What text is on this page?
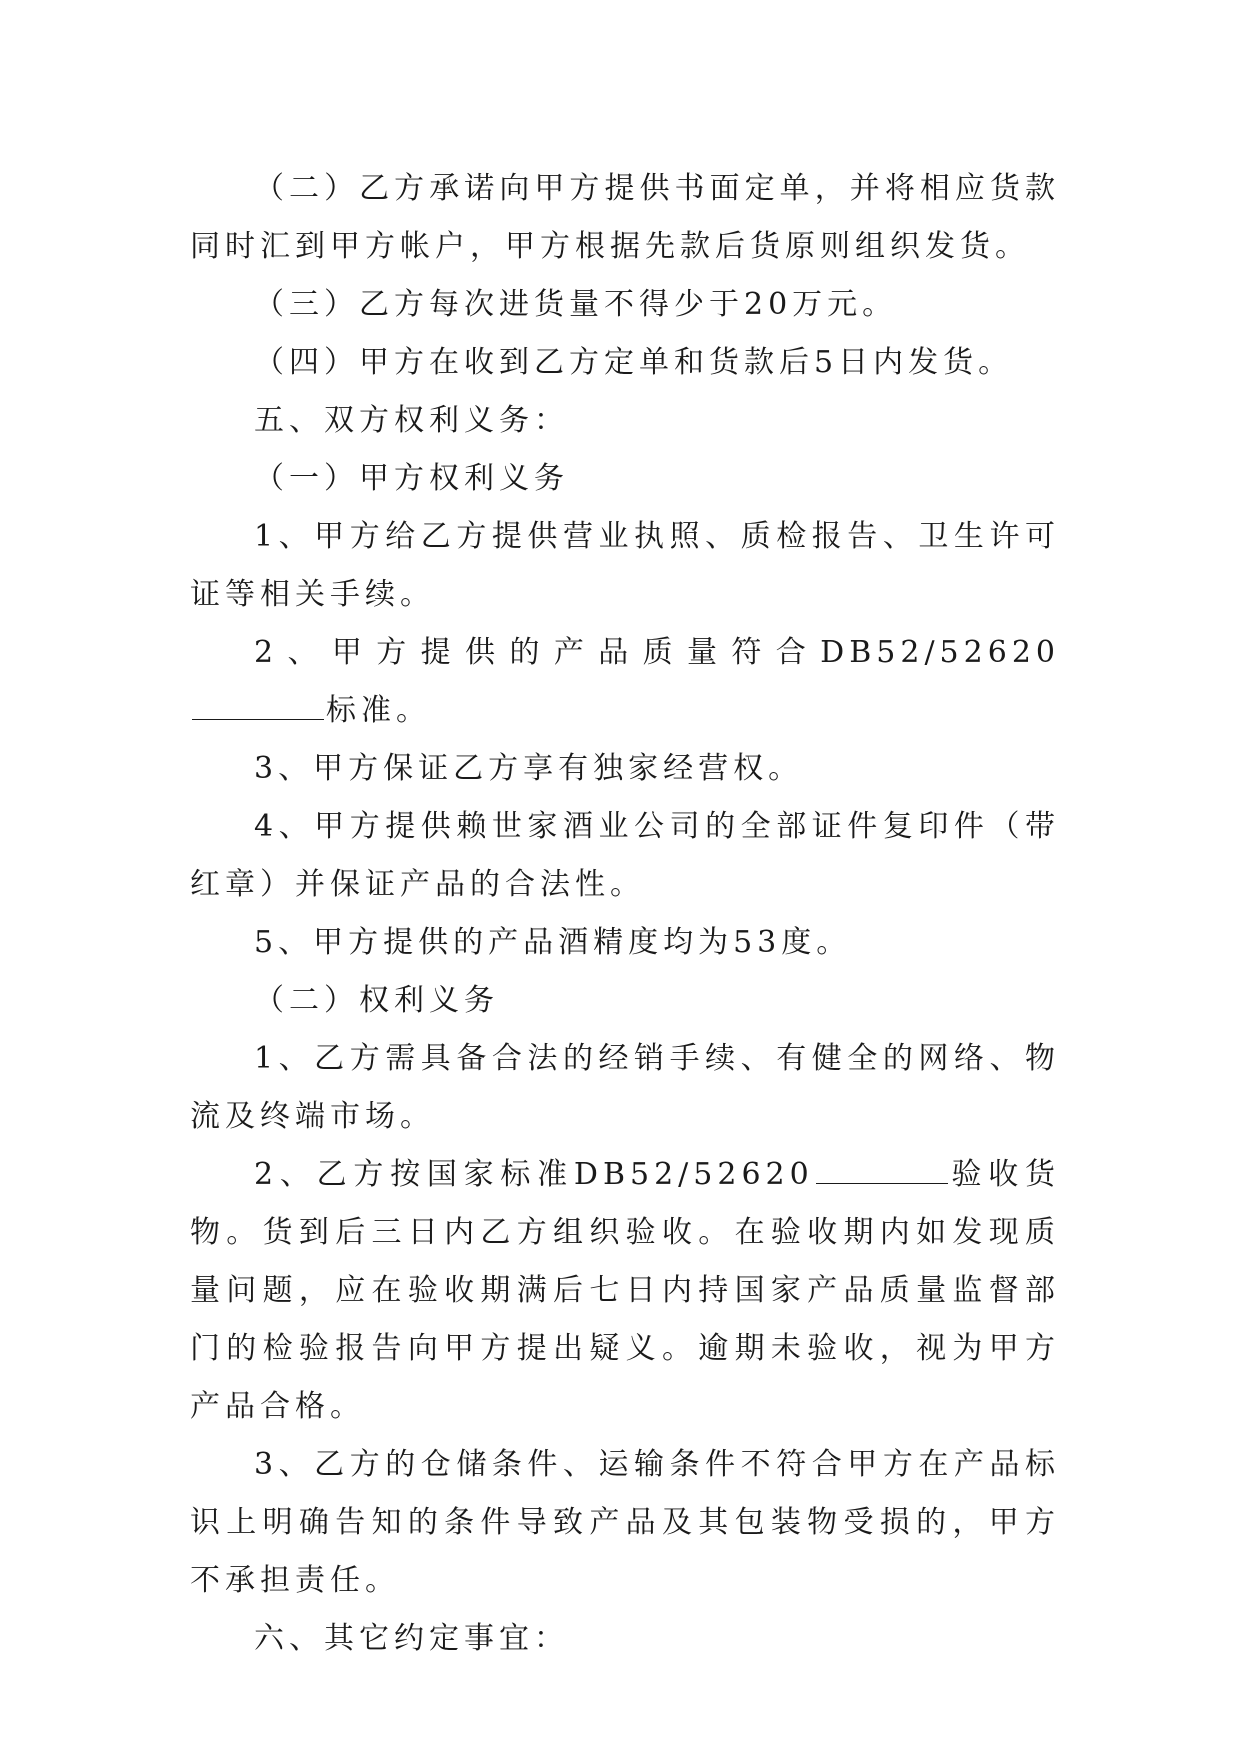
（二）乙方承诺向甲方提供书面定单，并将相应货款同时汇到甲方帐户，甲方根据先款后货原则组织发货。

（三）乙方每次进货量不得少于20万元。

（四）甲方在收到乙方定单和货款后5日内发货。

五、双方权利义务：

（一）甲方权利义务

1、甲方给乙方提供营业执照、质检报告、卫生许可证等相关手续。

2、甲方提供的产品质量符合DB52/52620标准。

3、甲方保证乙方享有独家经营权。

4、甲方提供赖世家酒业公司的全部证件复印件（带红章）并保证产品的合法性。

5、甲方提供的产品酒精度均为53度。

（二）权利义务

1、乙方需具备合法的经销手续、有健全的网络、物流及终端市场。

2、乙方按国家标准DB52/52620	验收货物。货到后三日内乙方组织验收。在验收期内如发现质量问题，应在验收期满后七日内持国家产品质量监督部门的检验报告向甲方提出疑义。逾期未验收，视为甲方产品合格。

3、乙方的仓储条件、运输条件不符合甲方在产品标识上明确告知的条件导致产品及其包装物受损的，甲方不承担责任。

六、其它约定事宜：
